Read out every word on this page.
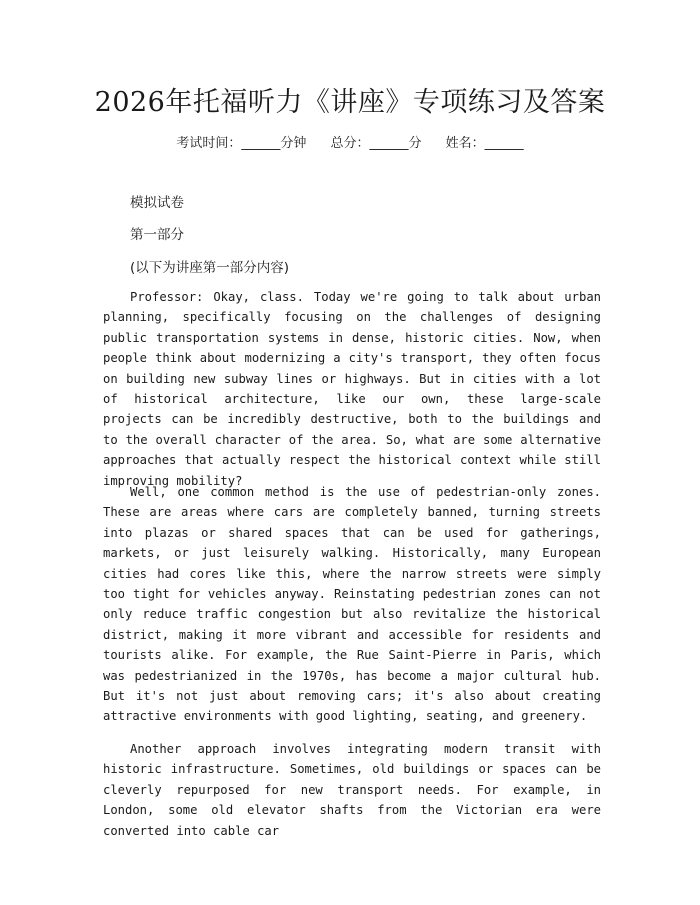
2026年托福听力《讲座》专项练习及答案
考试时间：______分钟 总分：______分 姓名：______

模拟试卷

第一部分

(以下为讲座第一部分内容)

Professor: Okay, class. Today we're going to talk about urban planning, specifically focusing on the challenges of designing public transportation systems in dense, historic cities. Now, when people think about modernizing a city's transport, they often focus on building new subway lines or highways. But in cities with a lot of historical architecture, like our own, these large-scale projects can be incredibly destructive, both to the buildings and to the overall character of the area. So, what are some alternative approaches that actually respect the historical context while still improving mobility?

Well, one common method is the use of pedestrian-only zones. These are areas where cars are completely banned, turning streets into plazas or shared spaces that can be used for gatherings, markets, or just leisurely walking. Historically, many European cities had cores like this, where the narrow streets were simply too tight for vehicles anyway. Reinstating pedestrian zones can not only reduce traffic congestion but also revitalize the historical district, making it more vibrant and accessible for residents and tourists alike. For example, the Rue Saint-Pierre in Paris, which was pedestrianized in the 1970s, has become a major cultural hub. But it's not just about removing cars; it's also about creating attractive environments with good lighting, seating, and greenery.

Another approach involves integrating modern transit with historic infrastructure. Sometimes, old buildings or spaces can be cleverly repurposed for new transport needs. For example, in London, some old elevator shafts from the Victorian era were converted into cable car
